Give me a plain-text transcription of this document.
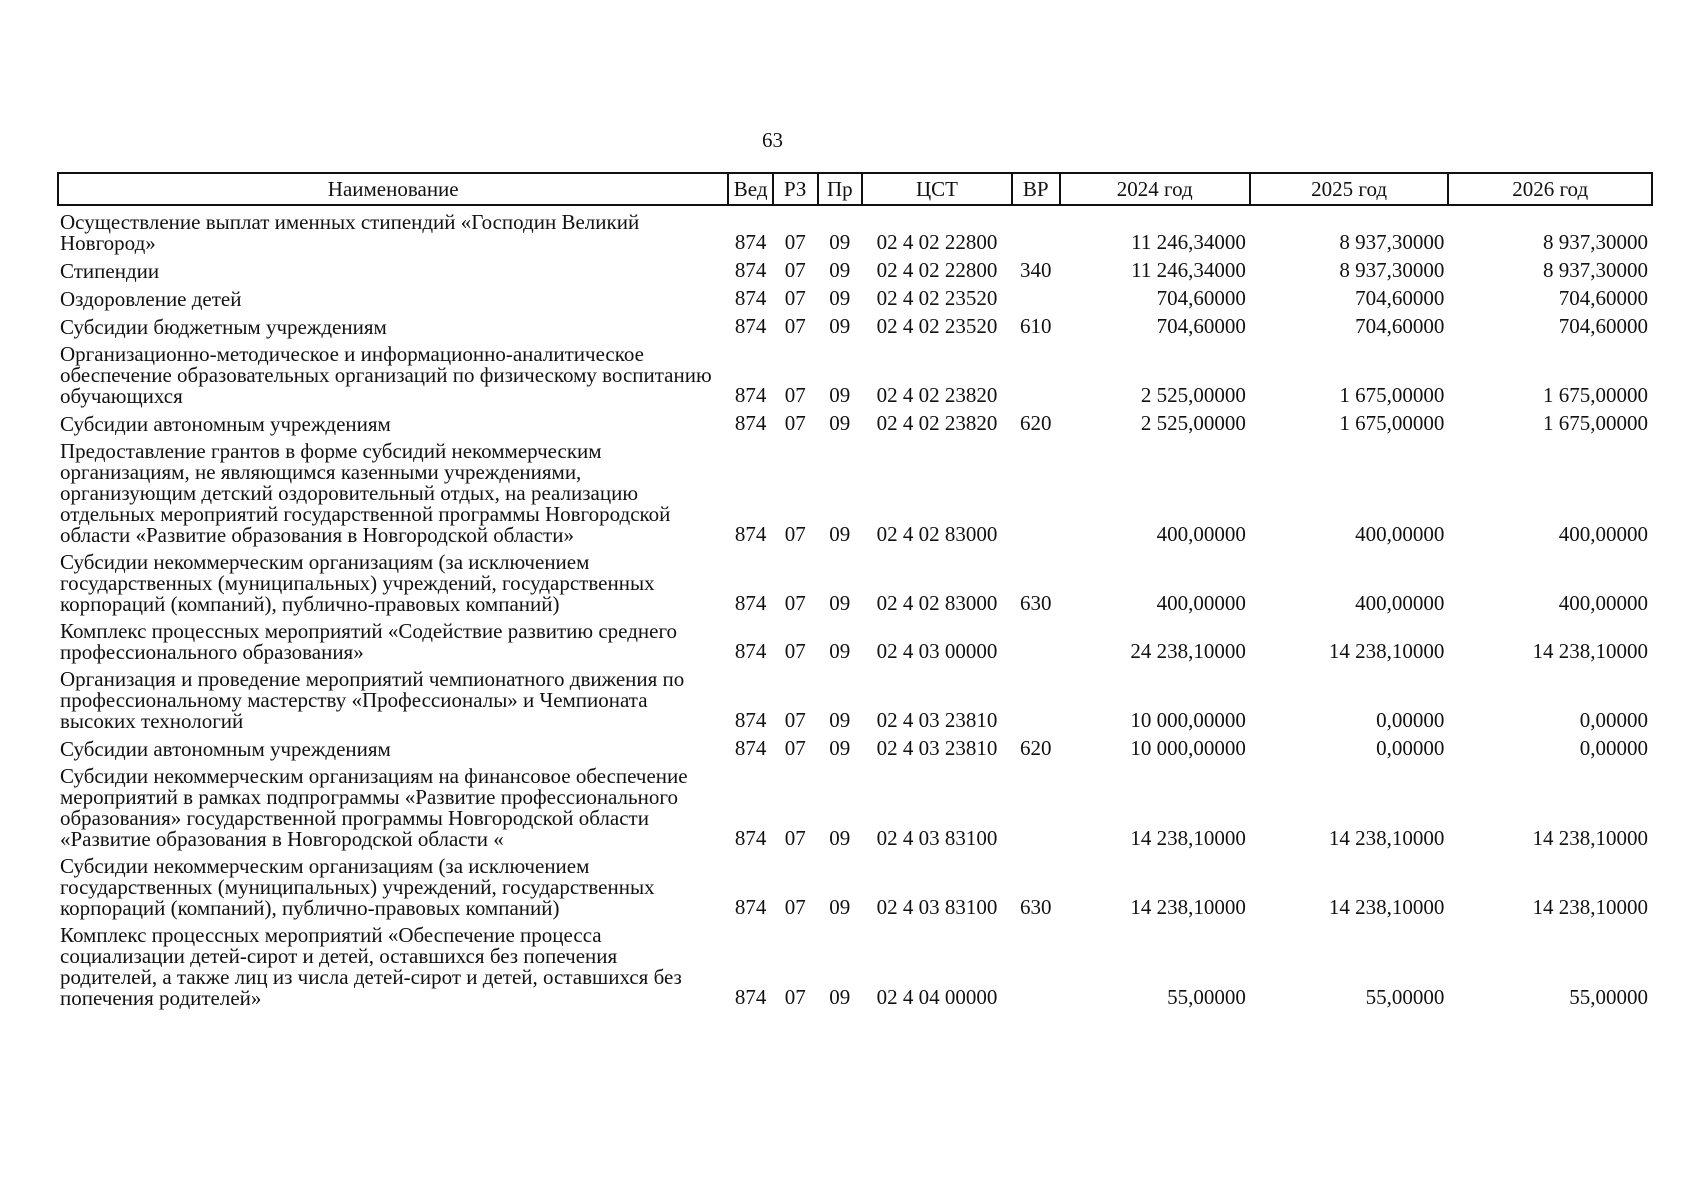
63
Наименование	Вед	РЗ	Пр	ЦСТ	ВР	2024 год	2025 год	2026 год
Осуществление выплат именных стипендий «Господин Великий Новгород»	874	07	09	02 4 02 22800		11 246,34000	8 937,30000	8 937,30000
Стипендии	874	07	09	02 4 02 22800	340	11 246,34000	8 937,30000	8 937,30000
Оздоровление детей	874	07	09	02 4 02 23520		704,60000	704,60000	704,60000
Субсидии бюджетным учреждениям	874	07	09	02 4 02 23520	610	704,60000	704,60000	704,60000
Организационно-методическое и информационно-аналитическое обеспечение образовательных организаций по физическому воспитанию обучающихся	874	07	09	02 4 02 23820		2 525,00000	1 675,00000	1 675,00000
Субсидии автономным учреждениям	874	07	09	02 4 02 23820	620	2 525,00000	1 675,00000	1 675,00000
Предоставление грантов в форме субсидий некоммерческим организациям, не являющимся казенными учреждениями, организующим детский оздоровительный отдых, на реализацию отдельных мероприятий государственной программы Новгородской области «Развитие образования в Новгородской области»	874	07	09	02 4 02 83000		400,00000	400,00000	400,00000
Субсидии некоммерческим организациям (за исключением государственных (муниципальных) учреждений, государственных корпораций (компаний), публично-правовых компаний)	874	07	09	02 4 02 83000	630	400,00000	400,00000	400,00000
Комплекс процессных мероприятий «Содействие развитию среднего профессионального образования»	874	07	09	02 4 03 00000		24 238,10000	14 238,10000	14 238,10000
Организация и проведение мероприятий чемпионатного движения по профессиональному мастерству «Профессионалы» и Чемпионата высоких технологий	874	07	09	02 4 03 23810		10 000,00000	0,00000	0,00000
Субсидии автономным учреждениям	874	07	09	02 4 03 23810	620	10 000,00000	0,00000	0,00000
Субсидии некоммерческим организациям на финансовое обеспечение мероприятий в рамках подпрограммы «Развитие профессионального образования» государственной программы Новгородской области «Развитие образования в Новгородской области «	874	07	09	02 4 03 83100		14 238,10000	14 238,10000	14 238,10000
Субсидии некоммерческим организациям (за исключением государственных (муниципальных) учреждений, государственных корпораций (компаний), публично-правовых компаний)	874	07	09	02 4 03 83100	630	14 238,10000	14 238,10000	14 238,10000
Комплекс процессных мероприятий «Обеспечение процесса социализации детей-сирот и детей, оставшихся без попечения родителей, а также лиц из числа детей-сирот и детей, оставшихся без попечения родителей»	874	07	09	02 4 04 00000		55,00000	55,00000	55,00000
